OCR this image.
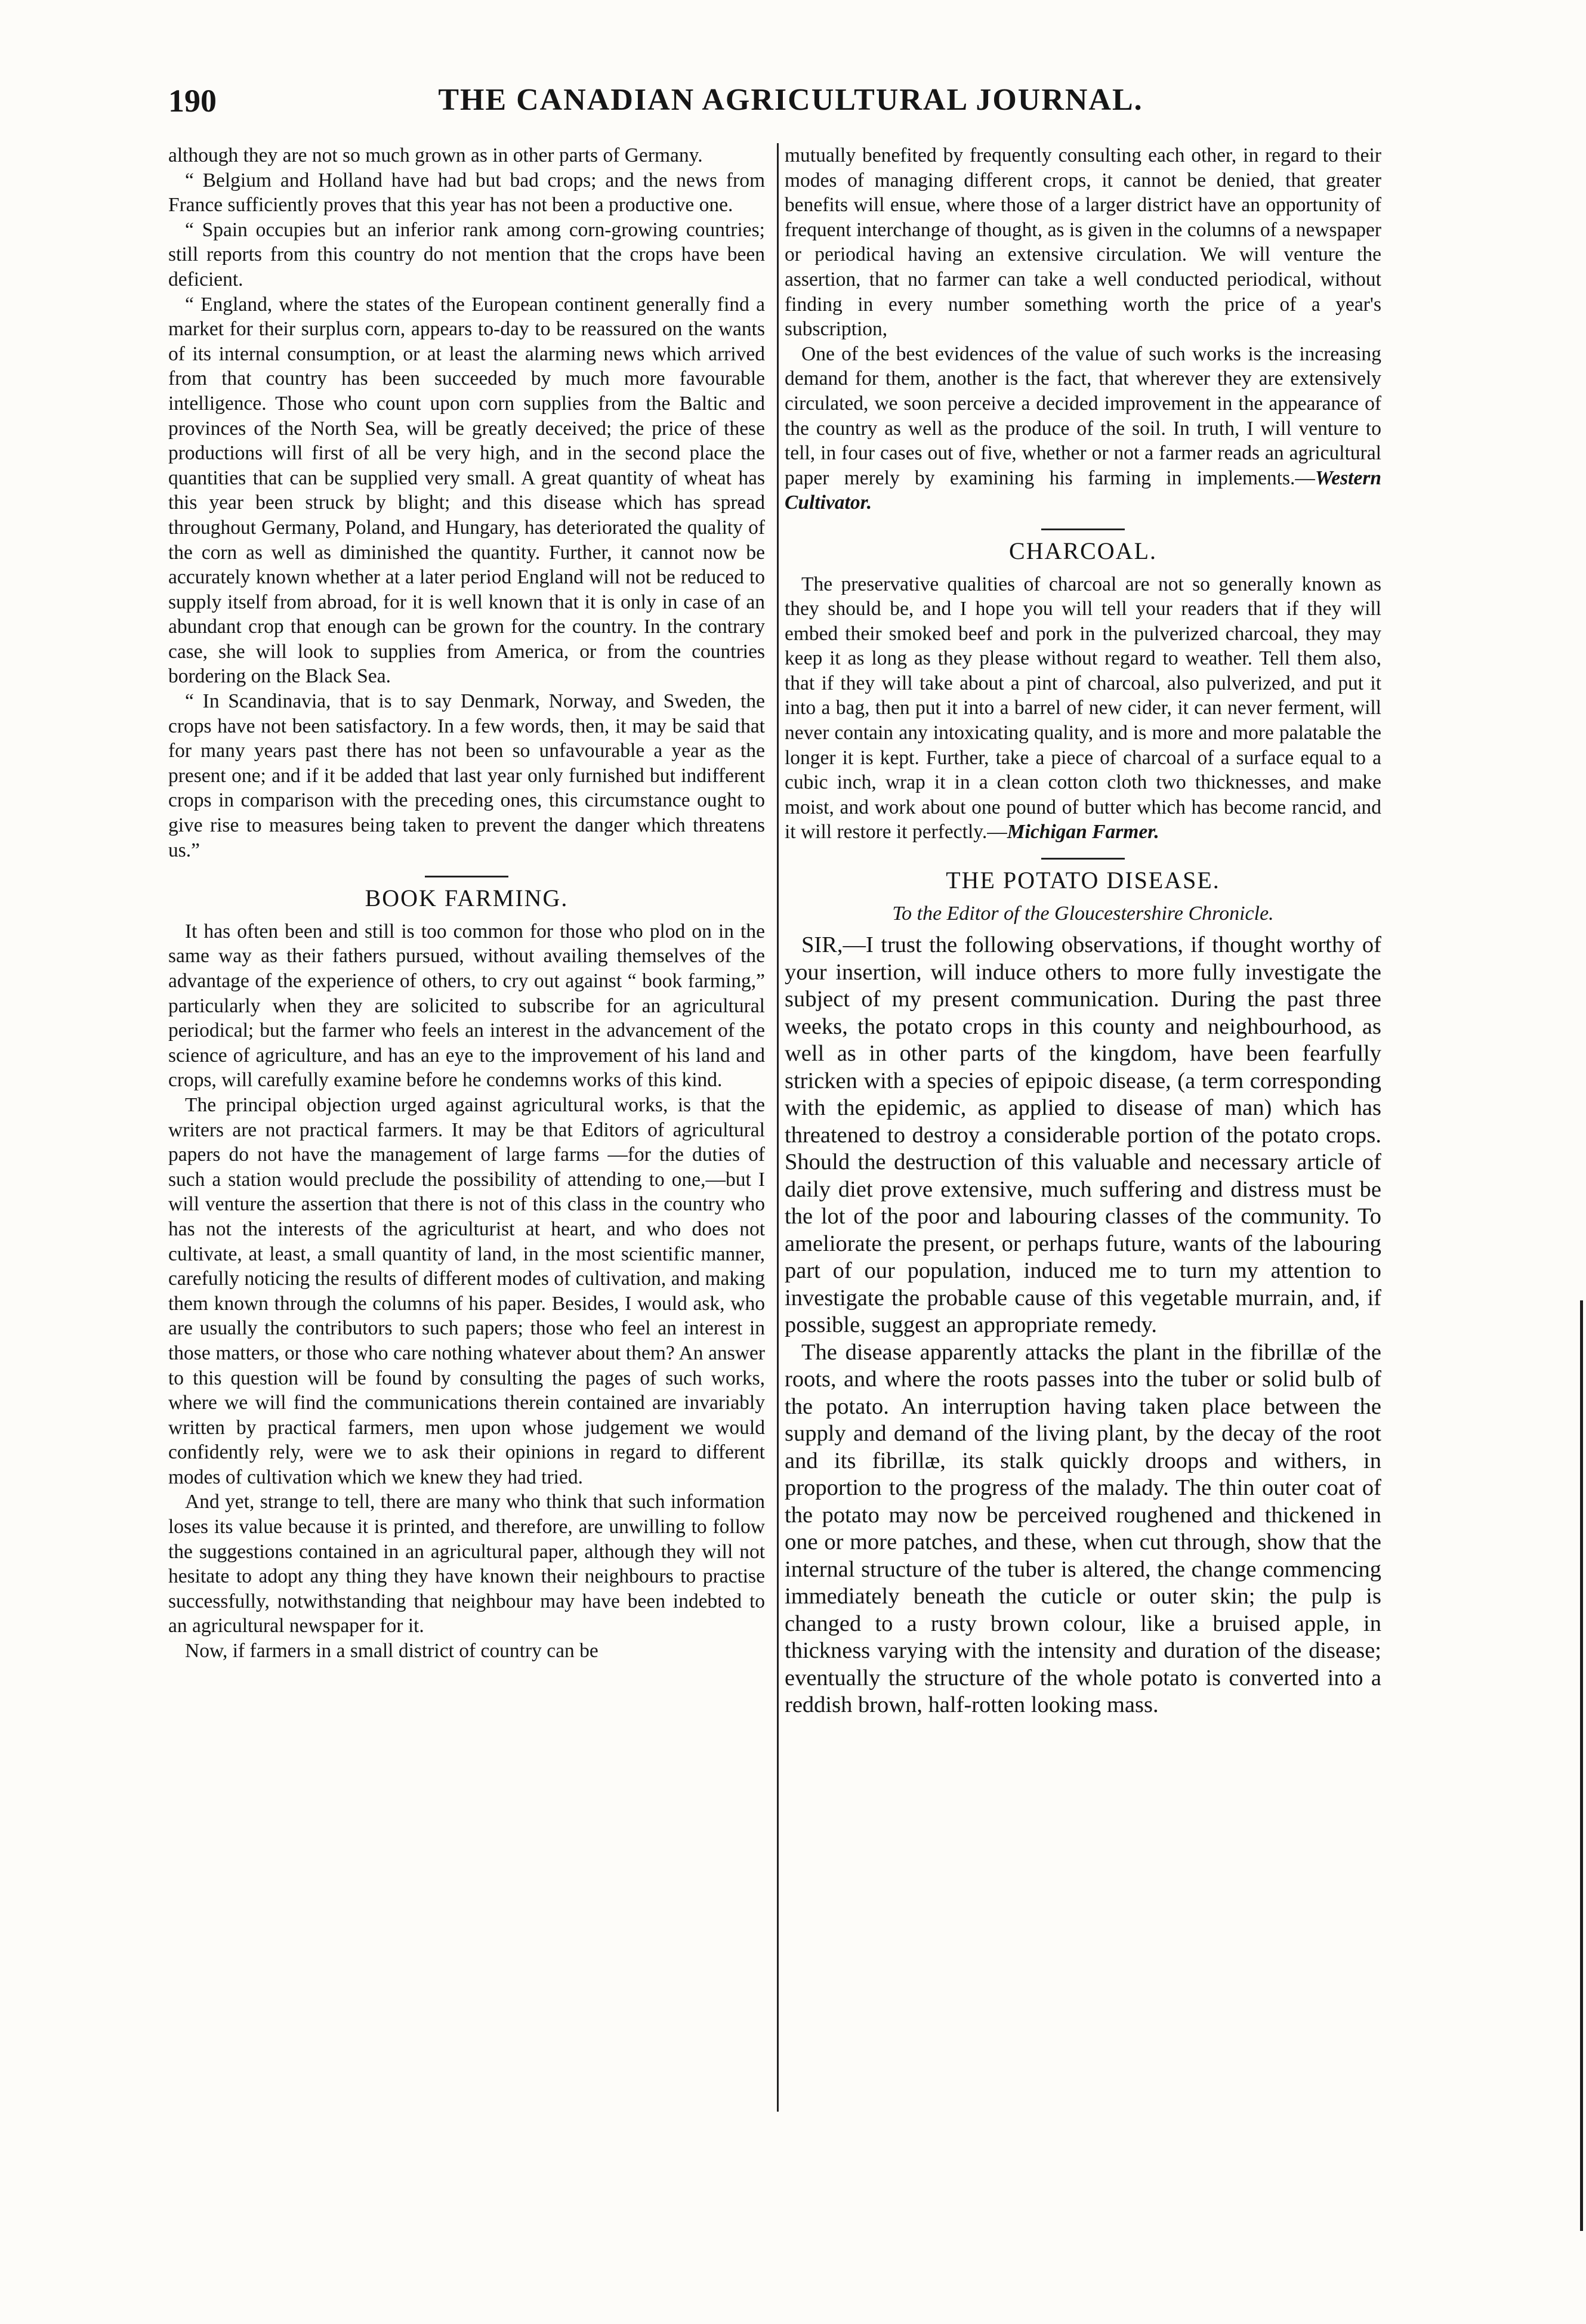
190	THE CANADIAN AGRICULTURAL JOURNAL.

although they are not so much grown as in other parts of Germany.

“ Belgium and Holland have had but bad crops; and the news from France sufficiently proves that this year has not been a productive one.

“ Spain occupies but an inferior rank among corn-growing countries; still reports from this country do not mention that the crops have been deficient.

“ England, where the states of the European continent generally find a market for their surplus corn, appears to-day to be reassured on the wants of its internal consumption, or at least the alarming news which arrived from that country has been succeeded by much more favourable intelligence. Those who count upon corn supplies from the Baltic and provinces of the North Sea, will be greatly deceived; the price of these productions will first of all be very high, and in the second place the quantities that can be supplied very small. A great quantity of wheat has this year been struck by blight; and this disease which has spread throughout Germany, Poland, and Hungary, has deteriorated the quality of the corn as well as diminished the quantity. Further, it cannot now be accurately known whether at a later period England will not be reduced to supply itself from abroad, for it is well known that it is only in case of an abundant crop that enough can be grown for the country. In the contrary case, she will look to supplies from America, or from the countries bordering on the Black Sea.

“ In Scandinavia, that is to say Denmark, Norway, and Sweden, the crops have not been satisfactory. In a few words, then, it may be said that for many years past there has not been so unfavourable a year as the present one; and if it be added that last year only furnished but indifferent crops in comparison with the preceding ones, this circumstance ought to give rise to measures being taken to prevent the danger which threatens us.”

BOOK FARMING.

It has often been and still is too common for those who plod on in the same way as their fathers pursued, without availing themselves of the advantage of the experience of others, to cry out against “ book farming,” particularly when they are solicited to subscribe for an agricultural periodical; but the farmer who feels an interest in the advancement of the science of agriculture, and has an eye to the improvement of his land and crops, will carefully examine before he condemns works of this kind.

The principal objection urged against agricultural works, is that the writers are not practical farmers. It may be that Editors of agricultural papers do not have the management of large farms —for the duties of such a station would preclude the possibility of attending to one,—but I will venture the assertion that there is not of this class in the country who has not the interests of the agriculturist at heart, and who does not cultivate, at least, a small quantity of land, in the most scientific manner, carefully noticing the results of different modes of cultivation, and making them known through the columns of his paper. Besides, I would ask, who are usually the contributors to such papers; those who feel an interest in those matters, or those who care nothing whatever about them? An answer to this question will be found by consulting the pages of such works, where we will find the communications therein contained are invariably written by practical farmers, men upon whose judgement we would confidently rely, were we to ask their opinions in regard to different modes of cultivation which we knew they had tried.

And yet, strange to tell, there are many who think that such information loses its value because it is printed, and therefore, are unwilling to follow the suggestions contained in an agricultural paper, although they will not hesitate to adopt any thing they have known their neighbours to practise successfully, notwithstanding that neighbour may have been indebted to an agricultural newspaper for it.

Now, if farmers in a small district of country can be

mutually benefited by frequently consulting each other, in regard to their modes of managing different crops, it cannot be denied, that greater benefits will ensue, where those of a larger district have an opportunity of frequent interchange of thought, as is given in the columns of a newspaper or periodical having an extensive circulation. We will venture the assertion, that no farmer can take a well conducted periodical, without finding in every number something worth the price of a year's subscription,

One of the best evidences of the value of such works is the increasing demand for them, another is the fact, that wherever they are extensively circulated, we soon perceive a decided improvement in the appearance of the country as well as the produce of the soil. In truth, I will venture to tell, in four cases out of five, whether or not a farmer reads an agricultural paper merely by examining his farming in implements.—Western Cultivator.

CHARCOAL.

The preservative qualities of charcoal are not so generally known as they should be, and I hope you will tell your readers that if they will embed their smoked beef and pork in the pulverized charcoal, they may keep it as long as they please without regard to weather. Tell them also, that if they will take about a pint of charcoal, also pulverized, and put it into a bag, then put it into a barrel of new cider, it can never ferment, will never contain any intoxicating quality, and is more and more palatable the longer it is kept. Further, take a piece of charcoal of a surface equal to a cubic inch, wrap it in a clean cotton cloth two thicknesses, and make moist, and work about one pound of butter which has become rancid, and it will restore it perfectly.—Michigan Farmer.

THE POTATO DISEASE.
To the Editor of the Gloucestershire Chronicle.

SIR,—I trust the following observations, if thought worthy of your insertion, will induce others to more fully investigate the subject of my present communication. During the past three weeks, the potato crops in this county and neighbourhood, as well as in other parts of the kingdom, have been fearfully stricken with a species of epipoic disease, (a term corresponding with the epidemic, as applied to disease of man) which has threatened to destroy a considerable portion of the potato crops. Should the destruction of this valuable and necessary article of daily diet prove extensive, much suffering and distress must be the lot of the poor and labouring classes of the community. To ameliorate the present, or perhaps future, wants of the labouring part of our population, induced me to turn my attention to investigate the probable cause of this vegetable murrain, and, if possible, suggest an appropriate remedy.

The disease apparently attacks the plant in the fibrillæ of the roots, and where the roots passes into the tuber or solid bulb of the potato. An interruption having taken place between the supply and demand of the living plant, by the decay of the root and its fibrillæ, its stalk quickly droops and withers, in proportion to the progress of the malady. The thin outer coat of the potato may now be perceived roughened and thickened in one or more patches, and these, when cut through, show that the internal structure of the tuber is altered, the change commencing immediately beneath the cuticle or outer skin; the pulp is changed to a rusty brown colour, like a bruised apple, in thickness varying with the intensity and duration of the disease; eventually the structure of the whole potato is converted into a reddish brown, half-rotten looking mass.
